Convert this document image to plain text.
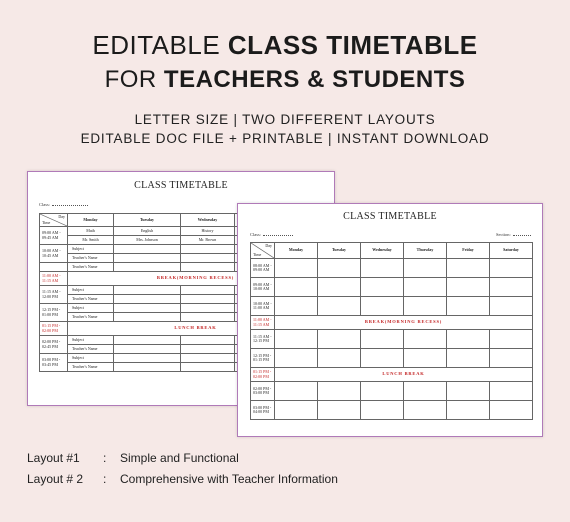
EDITABLE CLASS TIMETABLE
FOR TEACHERS & STUDENTS
LETTER SIZE | TWO DIFFERENT LAYOUTS
EDITABLE DOC FILE + PRINTABLE | INSTANT DOWNLOAD
CLASS TIMETABLE
Class:
Day
Time	Monday	Tuesday	Wednesday	
09:00 AM - 09:45 AM	Math	English	History	
	Mr. Smith	Mrs. Johnson	Mr. Brown	
10:00 AM - 10:45 AM	Subject			
	Teacher's Name			
	Teacher's Name			
11:00 AM - 11:15 AM	BREAK(MORNING RECESS)			
11:15 AM - 12:00 PM	Subject			
	Teacher's Name			
12:15 PM - 01:00 PM	Subject			
	Teacher's Name			
01:15 PM - 02:00 PM	LUNCH BREAK			
02:00 PM - 02:45 PM	Subject			
	Teacher's Name			
03:00 PM - 03:45 PM	Subject			
	Teacher's Name			
CLASS TIMETABLE
Class:	Section:
Day
Time	Monday	Tuesday	Wednesday	Thursday	Friday	Saturday
08:00 AM - 09:00 AM						
09:00 AM - 10:00 AM						
10:00 AM - 11:00 AM						
11:00 AM - 11:15 AM	BREAK(MORNING RECESS)					
11:15 AM - 12:15 PM						
12:15 PM - 01:15 PM						
01:15 PM - 02:00 PM	LUNCH BREAK					
02:00 PM - 03:00 PM						
03:00 PM - 04:00 PM						
Layout #1 : Simple and Functional
Layout # 2 : Comprehensive with Teacher Information
